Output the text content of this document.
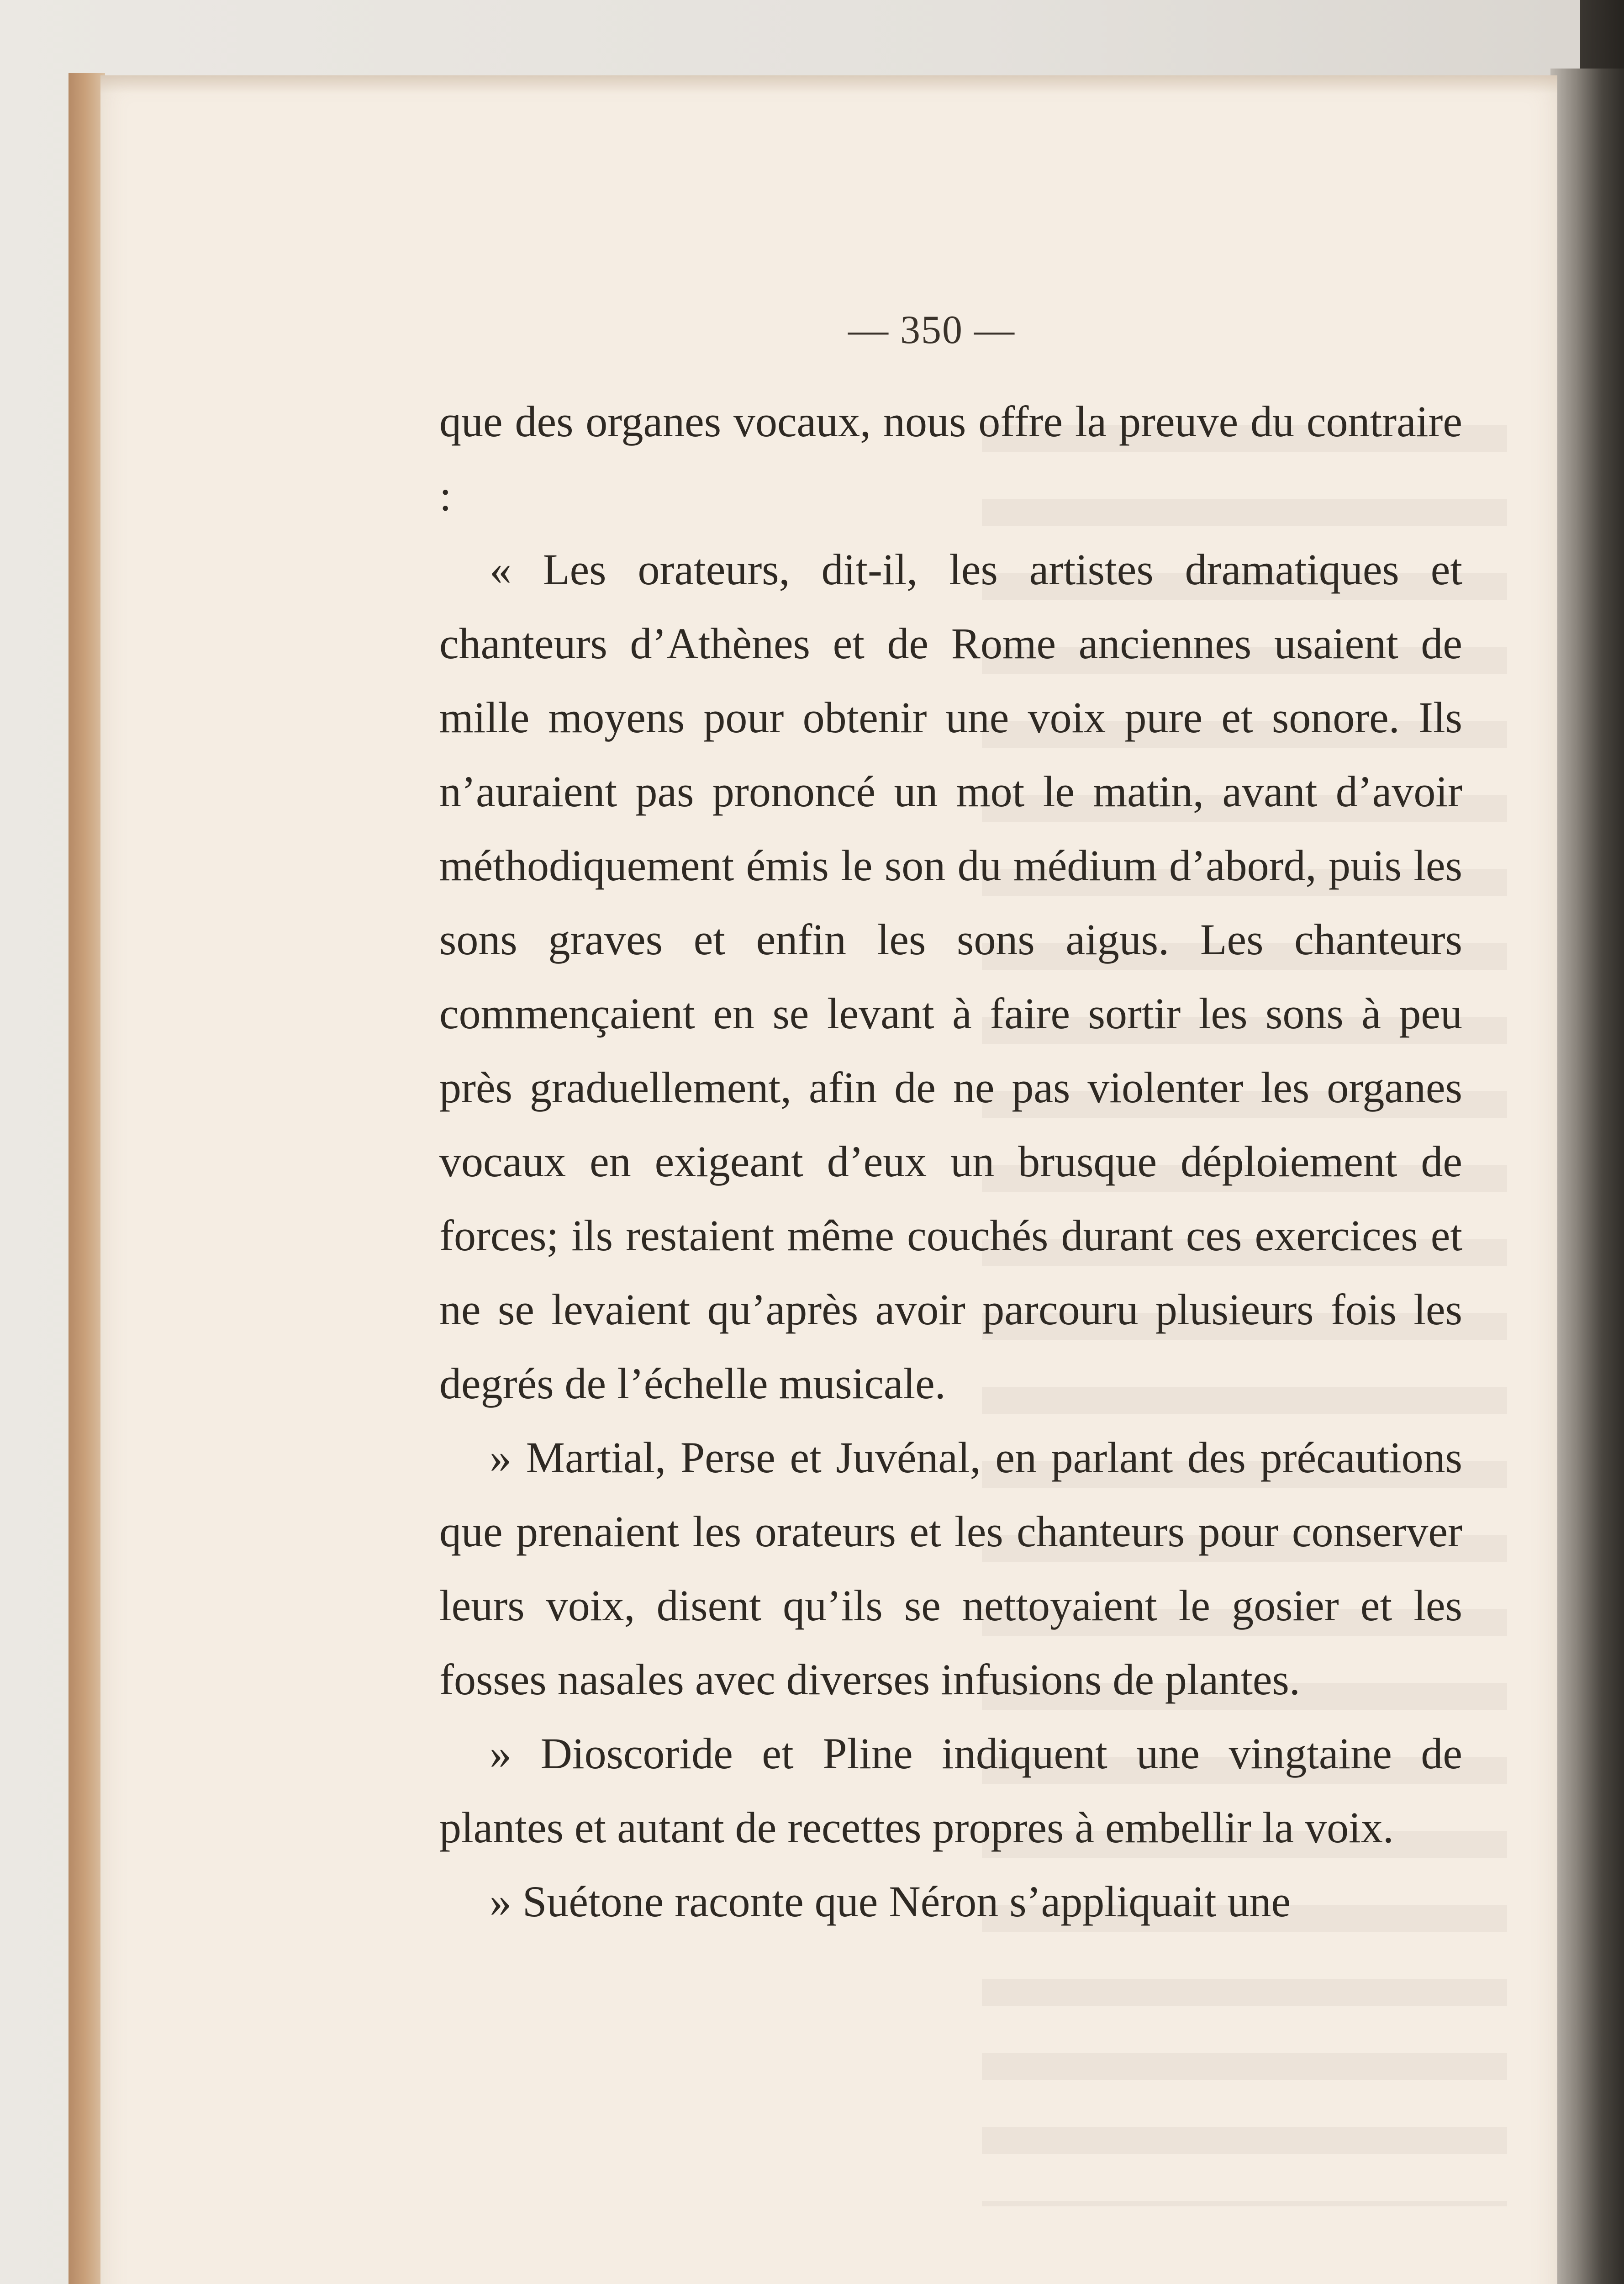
— 350 —

que des organes vocaux, nous offre la preuve du contraire :

« Les orateurs, dit-il, les artistes dramatiques et chanteurs d’Athènes et de Rome anciennes usaient de mille moyens pour obtenir une voix pure et sonore. Ils n’auraient pas prononcé un mot le matin, avant d’avoir méthodiquement émis le son du médium d’abord, puis les sons graves et enfin les sons aigus. Les chanteurs commençaient en se levant à faire sortir les sons à peu près graduellement, afin de ne pas violenter les organes vocaux en exigeant d’eux un brusque déploiement de forces; ils restaient même couchés durant ces exercices et ne se levaient qu’après avoir parcouru plusieurs fois les degrés de l’échelle musicale.

» Martial, Perse et Juvénal, en parlant des précautions que prenaient les orateurs et les chanteurs pour conserver leurs voix, disent qu’ils se nettoyaient le gosier et les fosses nasales avec diverses infusions de plantes.

» Dioscoride et Pline indiquent une vingtaine de plantes et autant de recettes propres à embellir la voix.

» Suétone raconte que Néron s’appliquait une
